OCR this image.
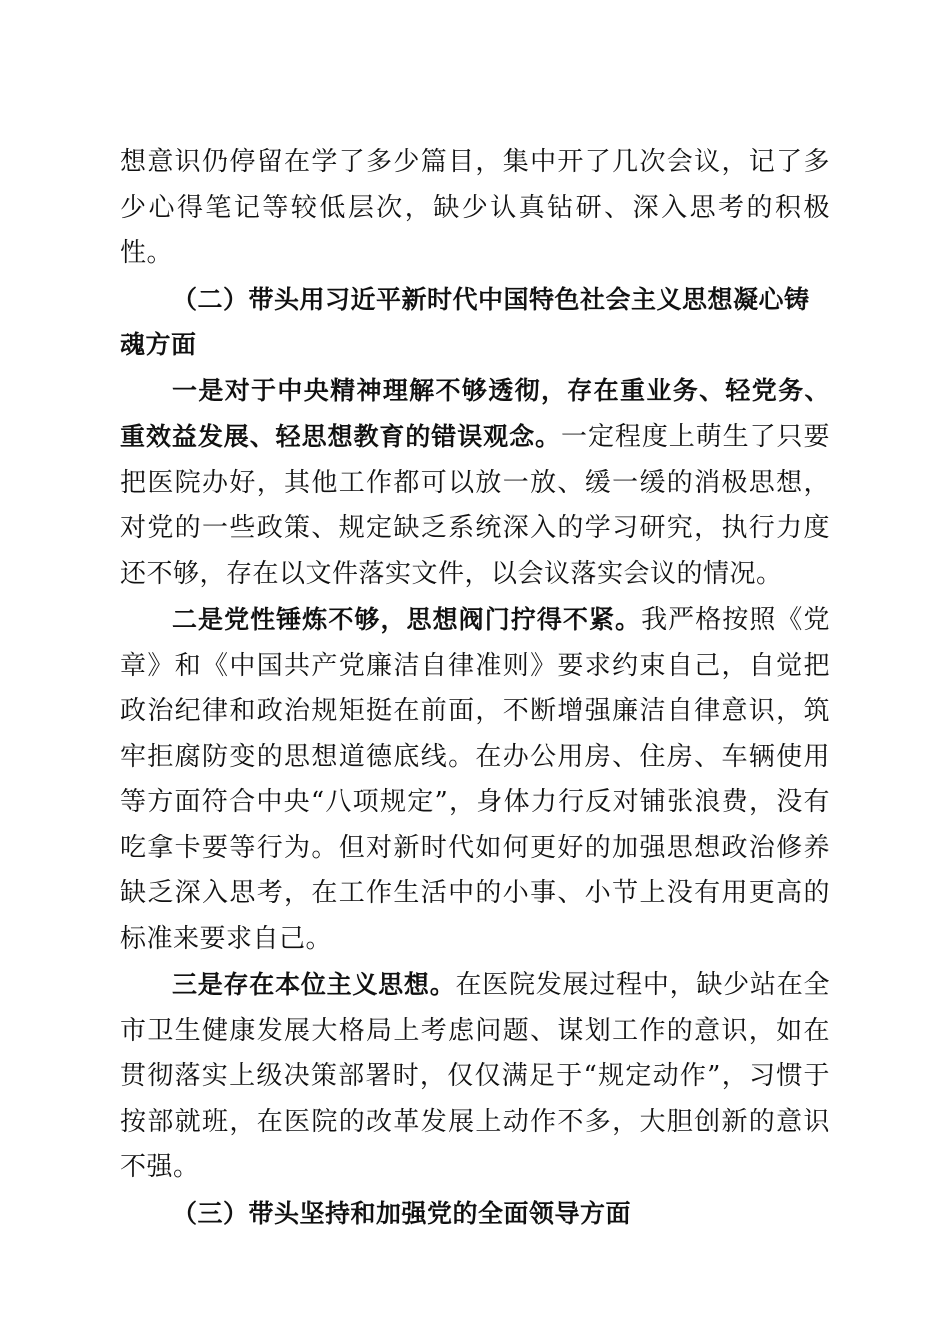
想意识仍停留在学了多少篇目，集中开了几次会议，记了多少心得笔记等较低层次，缺少认真钻研、深入思考的积极性。

（二）带头用习近平新时代中国特色社会主义思想凝心铸魂方面

一是对于中央精神理解不够透彻，存在重业务、轻党务、重效益发展、轻思想教育的错误观念。一定程度上萌生了只要把医院办好，其他工作都可以放一放、缓一缓的消极思想，对党的一些政策、规定缺乏系统深入的学习研究，执行力度还不够，存在以文件落实文件，以会议落实会议的情况。

二是党性锤炼不够，思想阀门拧得不紧。我严格按照《党章》和《中国共产党廉洁自律准则》要求约束自己，自觉把政治纪律和政治规矩挺在前面，不断增强廉洁自律意识，筑牢拒腐防变的思想道德底线。在办公用房、住房、车辆使用等方面符合中央“八项规定”，身体力行反对铺张浪费，没有吃拿卡要等行为。但对新时代如何更好的加强思想政治修养缺乏深入思考，在工作生活中的小事、小节上没有用更高的标准来要求自己。

三是存在本位主义思想。在医院发展过程中，缺少站在全市卫生健康发展大格局上考虑问题、谋划工作的意识，如在贯彻落实上级决策部署时，仅仅满足于“规定动作”，习惯于按部就班，在医院的改革发展上动作不多，大胆创新的意识不强。

（三）带头坚持和加强党的全面领导方面
